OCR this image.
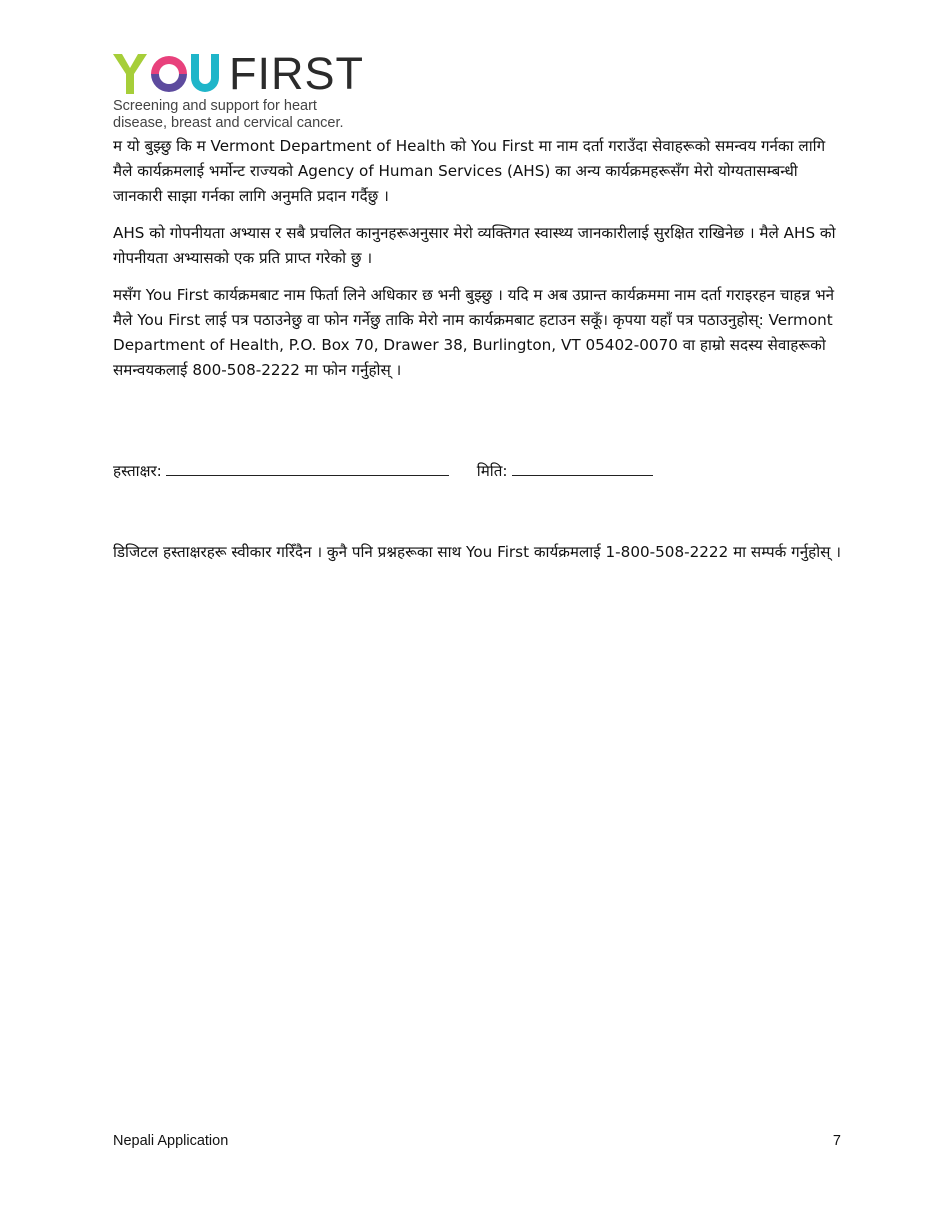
FIRST
Screening and support for heart
disease, breast and cervical cancer.

म यो बुझ्छु कि म Vermont Department of Health को You First मा नाम दर्ता गराउँदा सेवाहरूको समन्वय गर्नका लागि मैले कार्यक्रमलाई भर्मोन्ट राज्यको Agency of Human Services (AHS) का अन्य कार्यक्रमहरूसँग मेरो योग्यतासम्बन्धी जानकारी साझा गर्नका लागि अनुमति प्रदान गर्दैछु ।

AHS को गोपनीयता अभ्यास र सबै प्रचलित कानुनहरूअनुसार मेरो व्यक्तिगत स्वास्थ्य जानकारीलाई सुरक्षित राखिनेछ । मैले AHS को गोपनीयता अभ्यासको एक प्रति प्राप्त गरेको छु ।

मसँग You First कार्यक्रमबाट नाम फिर्ता लिने अधिकार छ भनी बुझ्छु । यदि म अब उप्रान्त कार्यक्रममा नाम दर्ता गराइरहन चाहन्न भने मैले You First लाई पत्र पठाउनेछु वा फोन गर्नेछु ताकि मेरो नाम कार्यक्रमबाट हटाउन सकूँ। कृपया यहाँ पत्र पठाउनुहोस्: Vermont Department of Health, P.O. Box 70, Drawer 38, Burlington, VT 05402-0070 वा हाम्रो सदस्य सेवाहरूको समन्वयकलाई 800-508-2222 मा फोन गर्नुहोस् ।

हस्ताक्षर:	मिति:

डिजिटल हस्ताक्षरहरू स्वीकार गरिँदैन । कुनै पनि प्रश्नहरूका साथ You First कार्यक्रमलाई 1-800-508-2222 मा सम्पर्क गर्नुहोस् ।

Nepali Application	7
